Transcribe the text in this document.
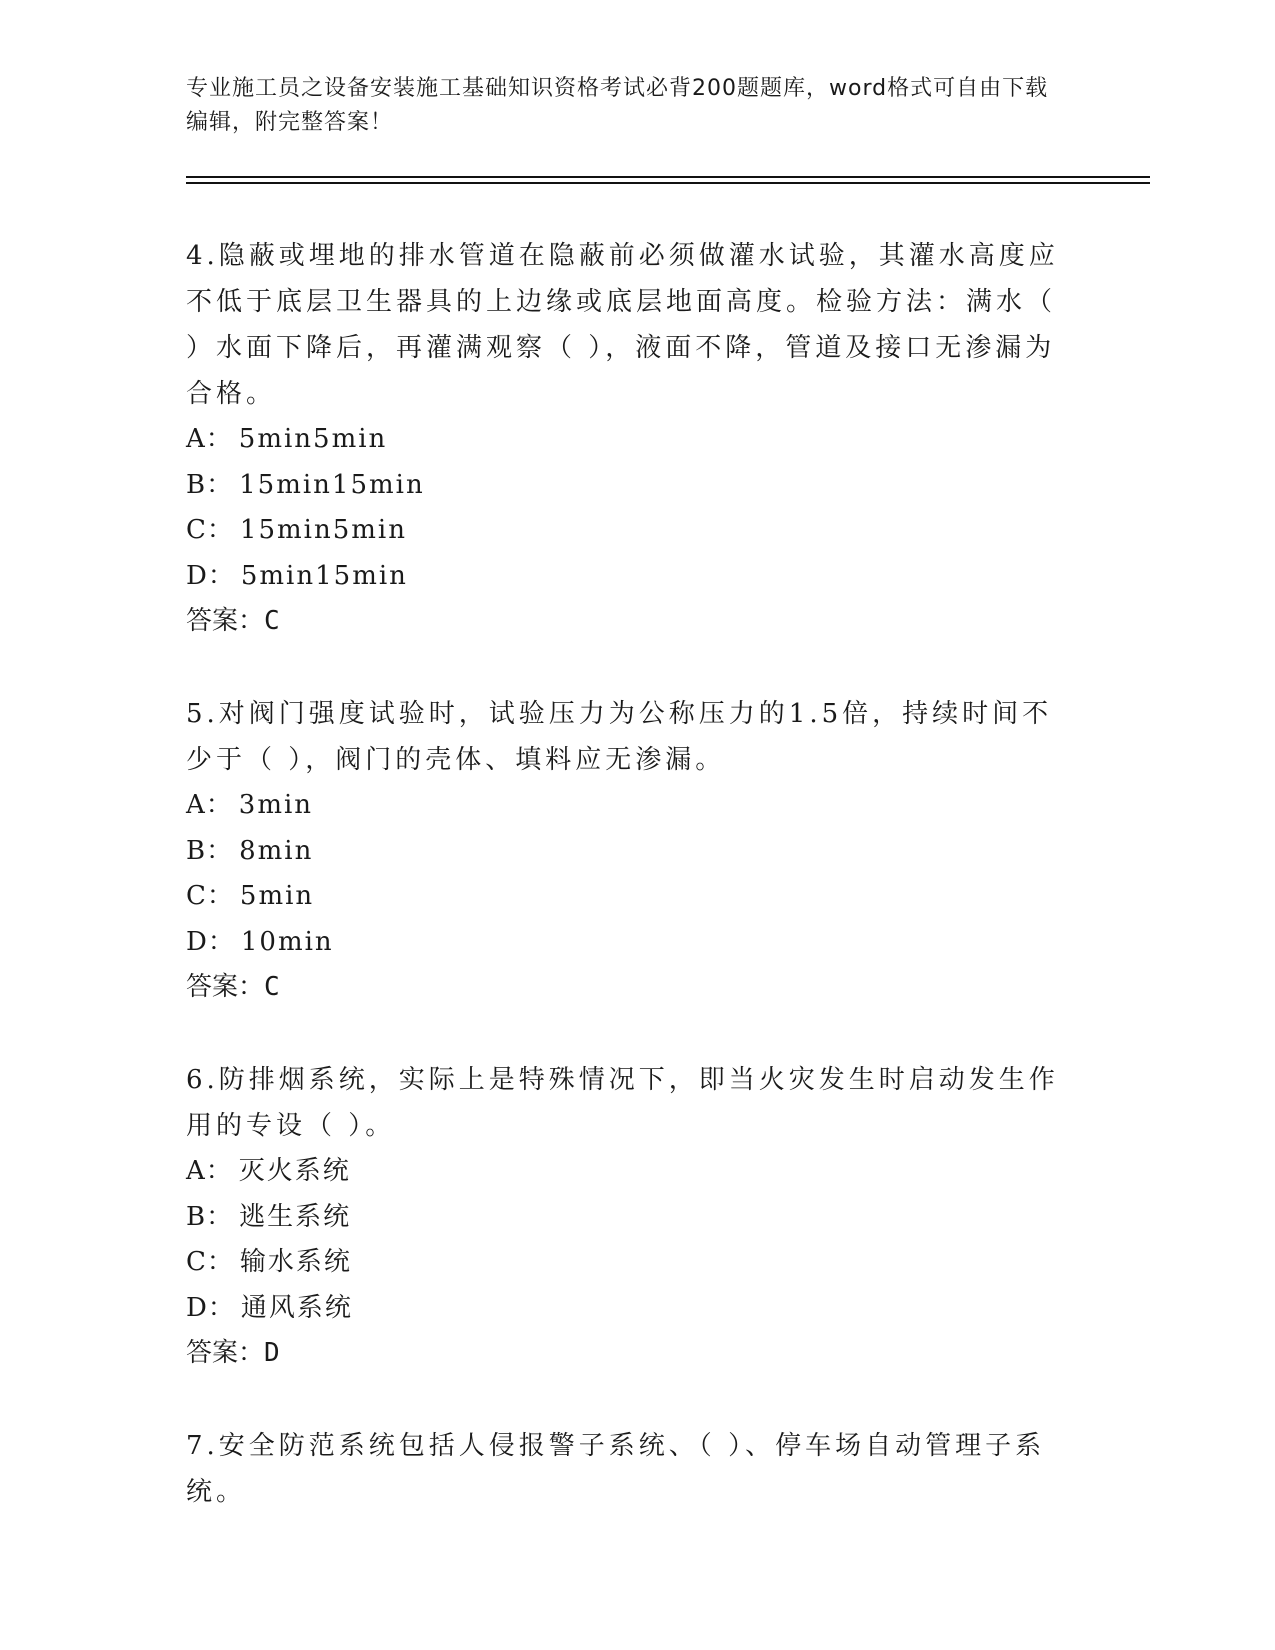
专业施工员之设备安装施工基础知识资格考试必背200题题库，word格式可自由下载编辑，附完整答案！

4.隐蔽或埋地的排水管道在隐蔽前必须做灌水试验，其灌水高度应不低于底层卫生器具的上边缘或底层地面高度。检验方法：满水（ ）水面下降后，再灌满观察（ ），液面不降，管道及接口无渗漏为合格。

A： 5min5min
B： 15min15min
C： 15min5min
D： 5min15min

答案：C

5.对阀门强度试验时，试验压力为公称压力的1.5倍，持续时间不少于（ ），阀门的壳体、填料应无渗漏。

A： 3min
B： 8min
C： 5min
D： 10min

答案：C

6.防排烟系统，实际上是特殊情况下，即当火灾发生时启动发生作用的专设（ ）。

A： 灭火系统
B： 逃生系统
C： 输水系统
D： 通风系统

答案：D

7.安全防范系统包括人侵报警子系统、（ ）、停车场自动管理子系统。
